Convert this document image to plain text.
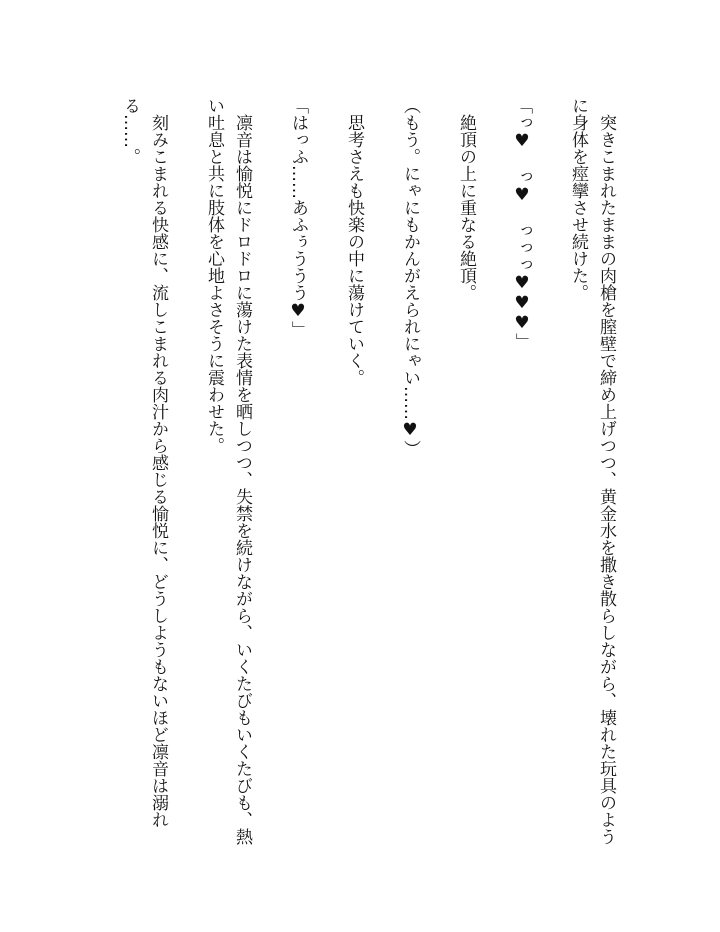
突きこまれたままの肉槍を膣壁で締め上げつつ、黄金水を撒き散らしながら、壊れた玩具のように身体を痙攣させ続けた。

「っ♥　っ♥　っっっ♥♥♥」

絶頂の上に重なる絶頂。

（もう。にゃにもかんがえられにゃい……♥）

思考さえも快楽の中に蕩けていく。

「はっふ……あふぅううう♥」

凛音は愉悦にドロドロに蕩けた表情を晒しつつ、失禁を続けながら、いくたびもいくたびも、熱い吐息と共に肢体を心地よさそうに震わせた。

刻みこまれる快感に、流しこまれる肉汁から感じる愉悦に、どうしようもないほど凛音は溺れる……。
